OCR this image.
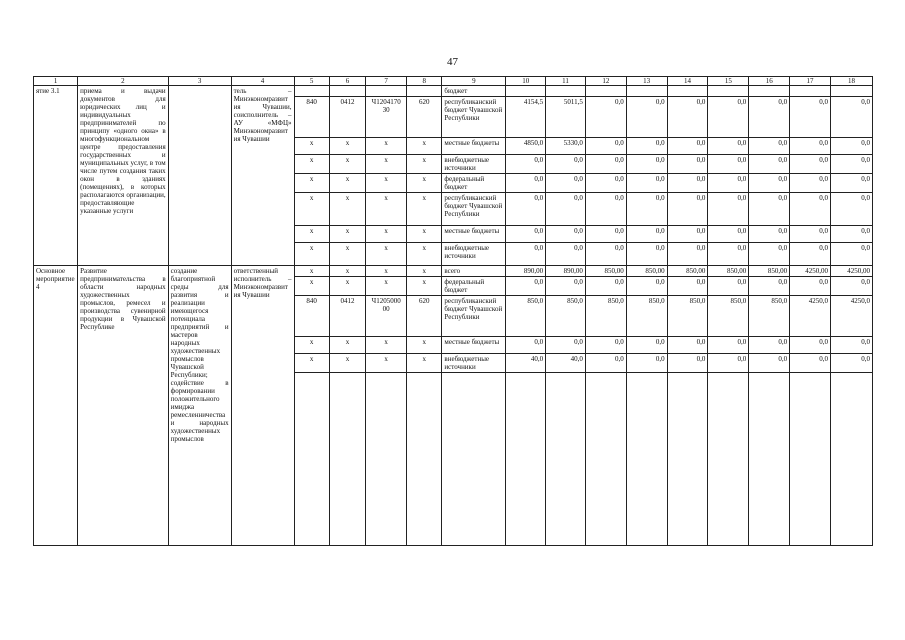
47
1	2	3	4	5	6	7	8	9	10	11	12	13	14	15	16	17	18
ятие 3.1	приема и выдачи документов для юридических лиц и индивидуальных предпринимателей по принципу «одного окна» в многофункциональном центре предоставления государственных и муниципальных услуг, в том числе путем создания таких окон в зданиях (помещениях), в которых располагаются организации, предоставляющие указанные услуги		тель – Минэкономразвития Чувашии, соисполнитель – АУ «МФЦ» Минэкономразвития Чувашии					бюджет									
				840	0412	Ч1204170 30	620	республиканский бюджет Чувашской Республики	4154,5	5011,5	0,0	0,0	0,0	0,0	0,0	0,0	0,0
				x	x	x	x	местные бюджеты	4850,0	5330,0	0,0	0,0	0,0	0,0	0,0	0,0	0,0
				x	x	x	x	внебюджетные источники	0,0	0,0	0,0	0,0	0,0	0,0	0,0	0,0	0,0
				x	x	x	x	федеральный бюджет	0,0	0,0	0,0	0,0	0,0	0,0	0,0	0,0	0,0
				x	x	x	x	республиканский бюджет Чувашской Республики	0,0	0,0	0,0	0,0	0,0	0,0	0,0	0,0	0,0
				x	x	x	x	местные бюджеты	0,0	0,0	0,0	0,0	0,0	0,0	0,0	0,0	0,0
				x	x	x	x	внебюджетные источники	0,0	0,0	0,0	0,0	0,0	0,0	0,0	0,0	0,0
Основное мероприятие 4	Развитие предпринимательства в области народных художественных промыслов, ремесел и производства сувенирной продукции в Чувашской Республике	создание благоприятной среды для развития и реализации имеющегося потенциала предприятий и мастеров народных художественных промыслов Чувашской Республики; содействие в формировании положительного имиджа ремесленничества и народных художественных промыслов	ответственный исполнитель – Минэкономразвития Чувашии	x	x	x	x	всего	890,00	890,00	850,00	850,00	850,00	850,00	850,00	4250,00	4250,00
				x	x	x	x	федеральный бюджет	0,0	0,0	0,0	0,0	0,0	0,0	0,0	0,0	0,0
				840	0412	Ч1205000 00	620	республиканский бюджет Чувашской Республики	850,0	850,0	850,0	850,0	850,0	850,0	850,0	4250,0	4250,0
				x	x	x	x	местные бюджеты	0,0	0,0	0,0	0,0	0,0	0,0	0,0	0,0	0,0
				x	x	x	x	внебюджетные источники	40,0	40,0	0,0	0,0	0,0	0,0	0,0	0,0	0,0
